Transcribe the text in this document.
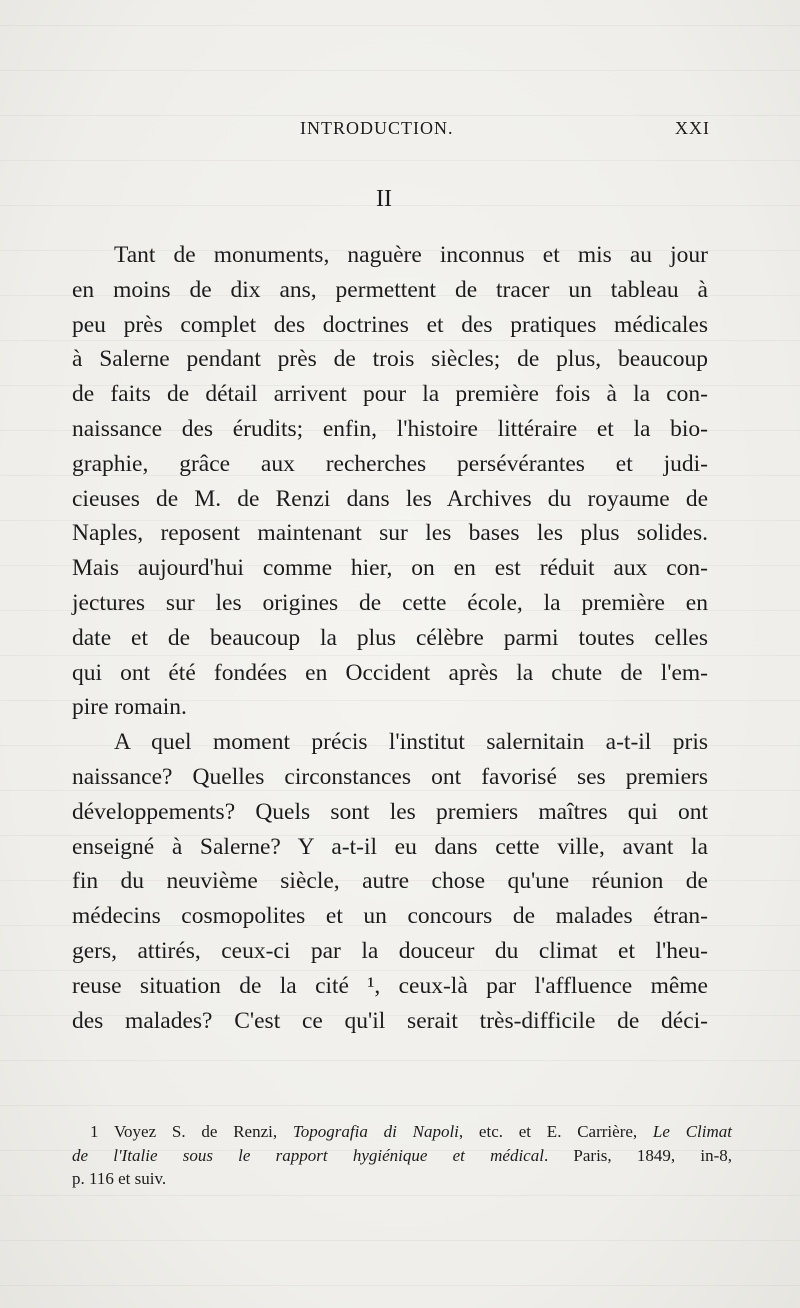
INTRODUCTION.	XXI
II
Tant de monuments, naguère inconnus et mis au jour
en moins de dix ans, permettent de tracer un tableau à
peu près complet des doctrines et des pratiques médicales
à Salerne pendant près de trois siècles; de plus, beaucoup
de faits de détail arrivent pour la première fois à la con-
naissance des érudits; enfin, l'histoire littéraire et la bio-
graphie, grâce aux recherches persévérantes et judi-
cieuses de M. de Renzi dans les Archives du royaume de
Naples, reposent maintenant sur les bases les plus solides.
Mais aujourd'hui comme hier, on en est réduit aux con-
jectures sur les origines de cette école, la première en
date et de beaucoup la plus célèbre parmi toutes celles
qui ont été fondées en Occident après la chute de l'em-
pire romain.
A quel moment précis l'institut salernitain a-t-il pris
naissance? Quelles circonstances ont favorisé ses premiers
développements? Quels sont les premiers maîtres qui ont
enseigné à Salerne? Y a-t-il eu dans cette ville, avant la
fin du neuvième siècle, autre chose qu'une réunion de
médecins cosmopolites et un concours de malades étran-
gers, attirés, ceux-ci par la douceur du climat et l'heu-
reuse situation de la cité ¹, ceux-là par l'affluence même
des malades? C'est ce qu'il serait très-difficile de déci-
1 Voyez S. de Renzi, Topografia di Napoli, etc. et E. Carrière, Le Climat
de l'Italie sous le rapport hygiénique et médical. Paris, 1849, in-8,
p. 116 et suiv.
